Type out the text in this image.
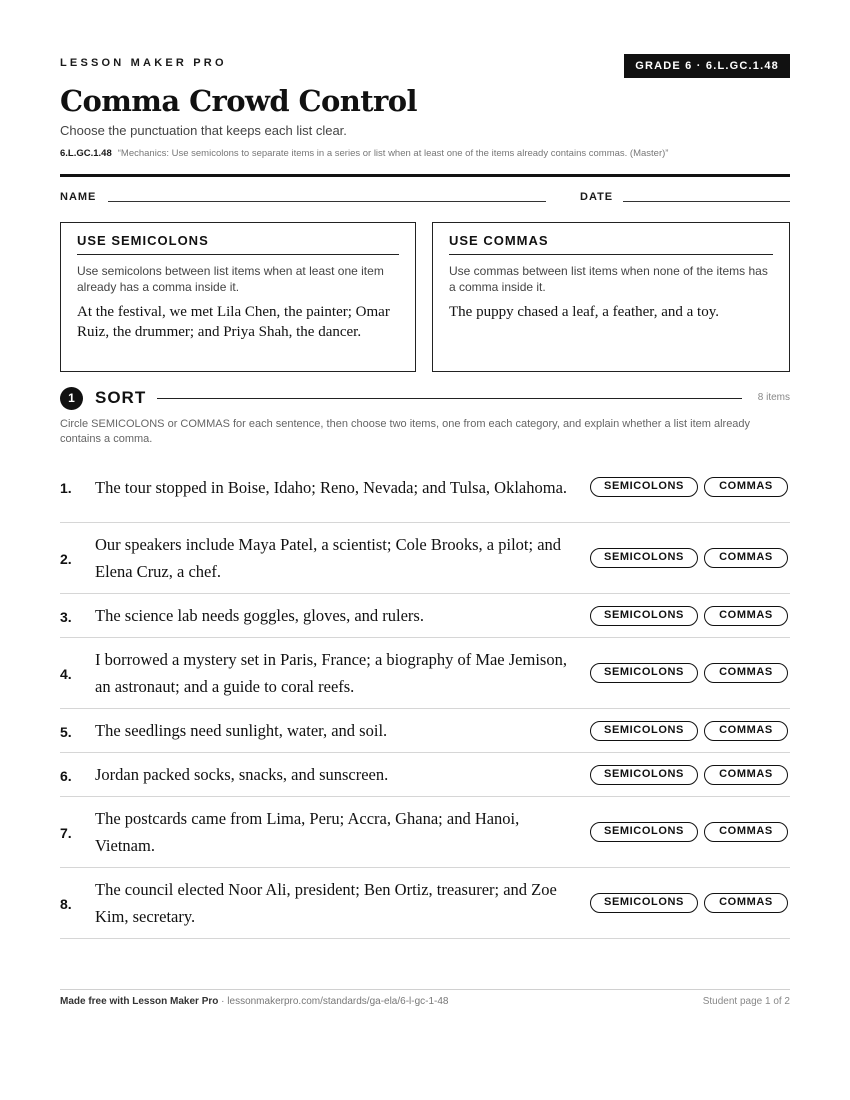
LESSON MAKER PRO	GRADE 6 · 6.L.GC.1.48
Comma Crowd Control
Choose the punctuation that keeps each list clear.
6.L.GC.1.48 “Mechanics: Use semicolons to separate items in a series or list when at least one of the items already contains commas. (Master)”
NAME	DATE
USE SEMICOLONS
Use semicolons between list items when at least one item already has a comma inside it.
At the festival, we met Lila Chen, the painter; Omar Ruiz, the drummer; and Priya Shah, the dancer.
USE COMMAS
Use commas between list items when none of the items has a comma inside it.
The puppy chased a leaf, a feather, and a toy.
1	SORT	8 items
Circle SEMICOLONS or COMMAS for each sentence, then choose two items, one from each category, and explain whether a list item already contains a comma.
1.	The tour stopped in Boise, Idaho; Reno, Nevada; and Tulsa, Oklahoma.	SEMICOLONS	COMMAS
2.
Our speakers include Maya Patel, a scientist; Cole Brooks, a pilot; and Elena Cruz, a chef.
SEMICOLONS	COMMAS
3.	The science lab needs goggles, gloves, and rulers.	SEMICOLONS	COMMAS
4.
I borrowed a mystery set in Paris, France; a biography of Mae Jemison, an astronaut; and a guide to coral reefs.
SEMICOLONS	COMMAS
5.	The seedlings need sunlight, water, and soil.	SEMICOLONS	COMMAS
6.	Jordan packed socks, snacks, and sunscreen.	SEMICOLONS	COMMAS
7.
The postcards came from Lima, Peru; Accra, Ghana; and Hanoi, Vietnam.
SEMICOLONS	COMMAS
8.
The council elected Noor Ali, president; Ben Ortiz, treasurer; and Zoe Kim, secretary.
SEMICOLONS	COMMAS
Made free with Lesson Maker Pro · lessonmakerpro.com/standards/ga-ela/6-l-gc-1-48	Student page 1 of 2
